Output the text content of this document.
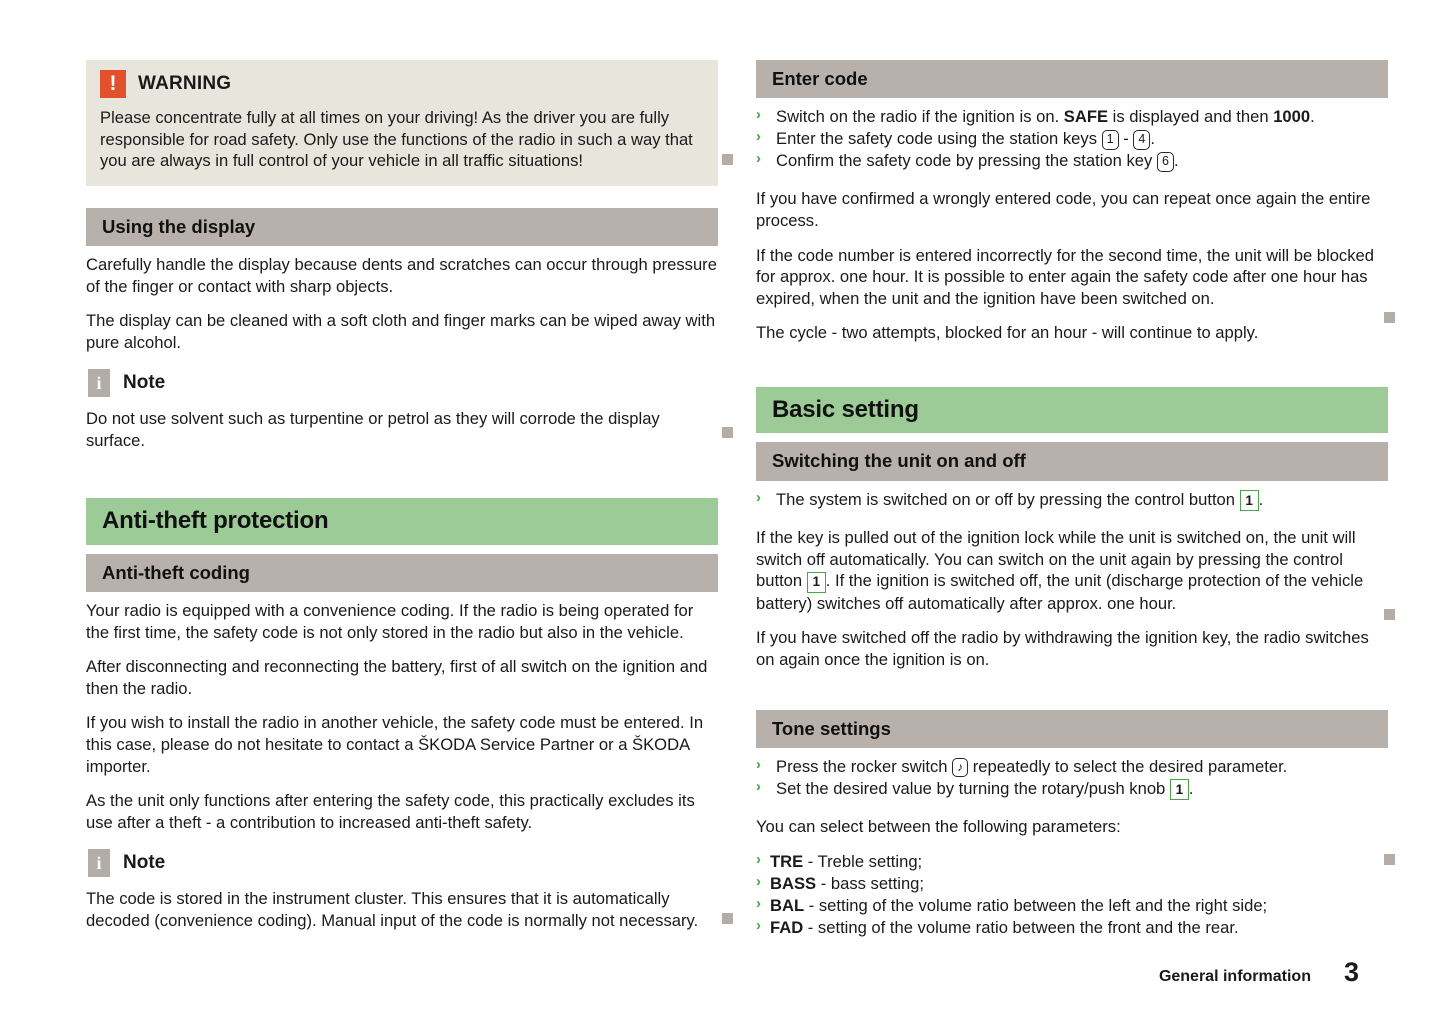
!	WARNING

Please concentrate fully at all times on your driving! As the driver you are fully responsible for road safety. Only use the functions of the radio in such a way that you are always in full control of your vehicle in all traffic situations!

Using the display

Carefully handle the display because dents and scratches can occur through pressure of the finger or contact with sharp objects.

The display can be cleaned with a soft cloth and finger marks can be wiped away with pure alcohol.

i	Note

Do not use solvent such as turpentine or petrol as they will corrode the display surface.

Anti-theft protection
Anti-theft coding

Your radio is equipped with a convenience coding. If the radio is being operated for the first time, the safety code is not only stored in the radio but also in the vehicle.

After disconnecting and reconnecting the battery, first of all switch on the ignition and then the radio.

If you wish to install the radio in another vehicle, the safety code must be entered. In this case, please do not hesitate to contact a ŠKODA Service Partner or a ŠKODA importer.

As the unit only functions after entering the safety code, this practically excludes its use after a theft - a contribution to increased anti-theft safety.

i	Note

The code is stored in the instrument cluster. This ensures that it is automatically decoded (convenience coding). Manual input of the code is normally not necessary.

Enter code
› Switch on the radio if the ignition is on. SAFE is displayed and then 1000.
› Enter the safety code using the station keys 1 - 4 .
› Confirm the safety code by pressing the station key 6 .

If you have confirmed a wrongly entered code, you can repeat once again the entire process.

If the code number is entered incorrectly for the second time, the unit will be blocked for approx. one hour. It is possible to enter again the safety code after one hour has expired, when the unit and the ignition have been switched on.

The cycle - two attempts, blocked for an hour - will continue to apply.

Basic setting
Switching the unit on and off
› The system is switched on or off by pressing the control button 1 .

If the key is pulled out of the ignition lock while the unit is switched on, the unit will switch off automatically. You can switch on the unit again by pressing the control button 1 . If the ignition is switched off, the unit (discharge protection of the vehicle battery) switches off automatically after approx. one hour.

If you have switched off the radio by withdrawing the ignition key, the radio switches on again once the ignition is on.

Tone settings
› Press the rocker switch ♪ repeatedly to select the desired parameter.
› Set the desired value by turning the rotary/push knob 1 .

You can select between the following parameters:

› TRE - Treble setting;
› BASS - bass setting;
› BAL - setting of the volume ratio between the left and the right side;
› FAD - setting of the volume ratio between the front and the rear.
General information 3
